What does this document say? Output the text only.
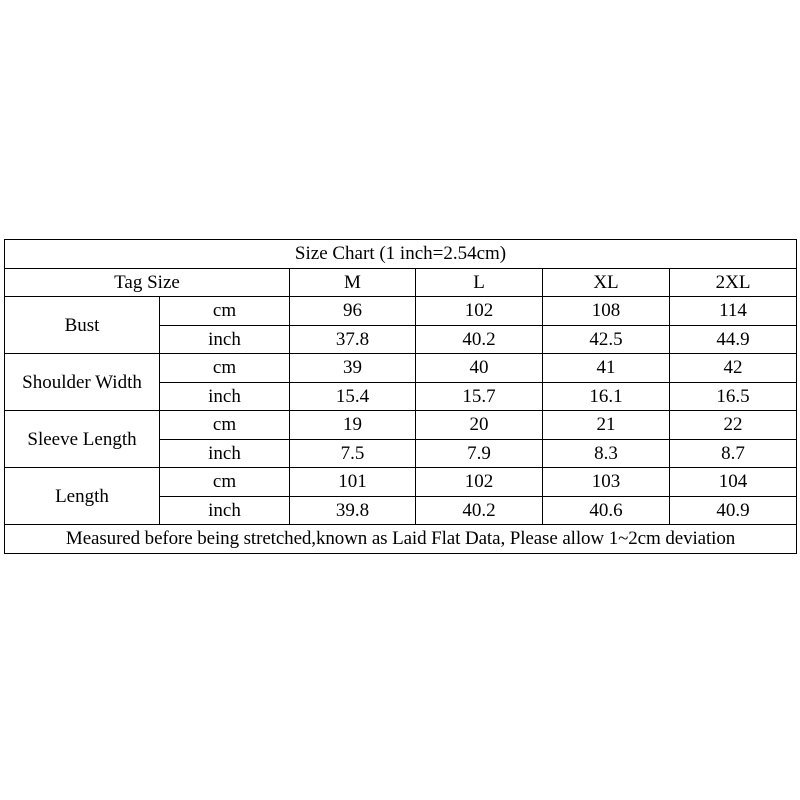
Size Chart (1 inch=2.54cm)					
Tag Size		M	L	XL	2XL
Bust	cm	96	102	108	114
	inch	37.8	40.2	42.5	44.9
Shoulder Width	cm	39	40	41	42
	inch	15.4	15.7	16.1	16.5
Sleeve Length	cm	19	20	21	22
	inch	7.5	7.9	8.3	8.7
Length	cm	101	102	103	104
	inch	39.8	40.2	40.6	40.9
Measured before being stretched,known as Laid Flat Data, Please allow 1~2cm deviation					
